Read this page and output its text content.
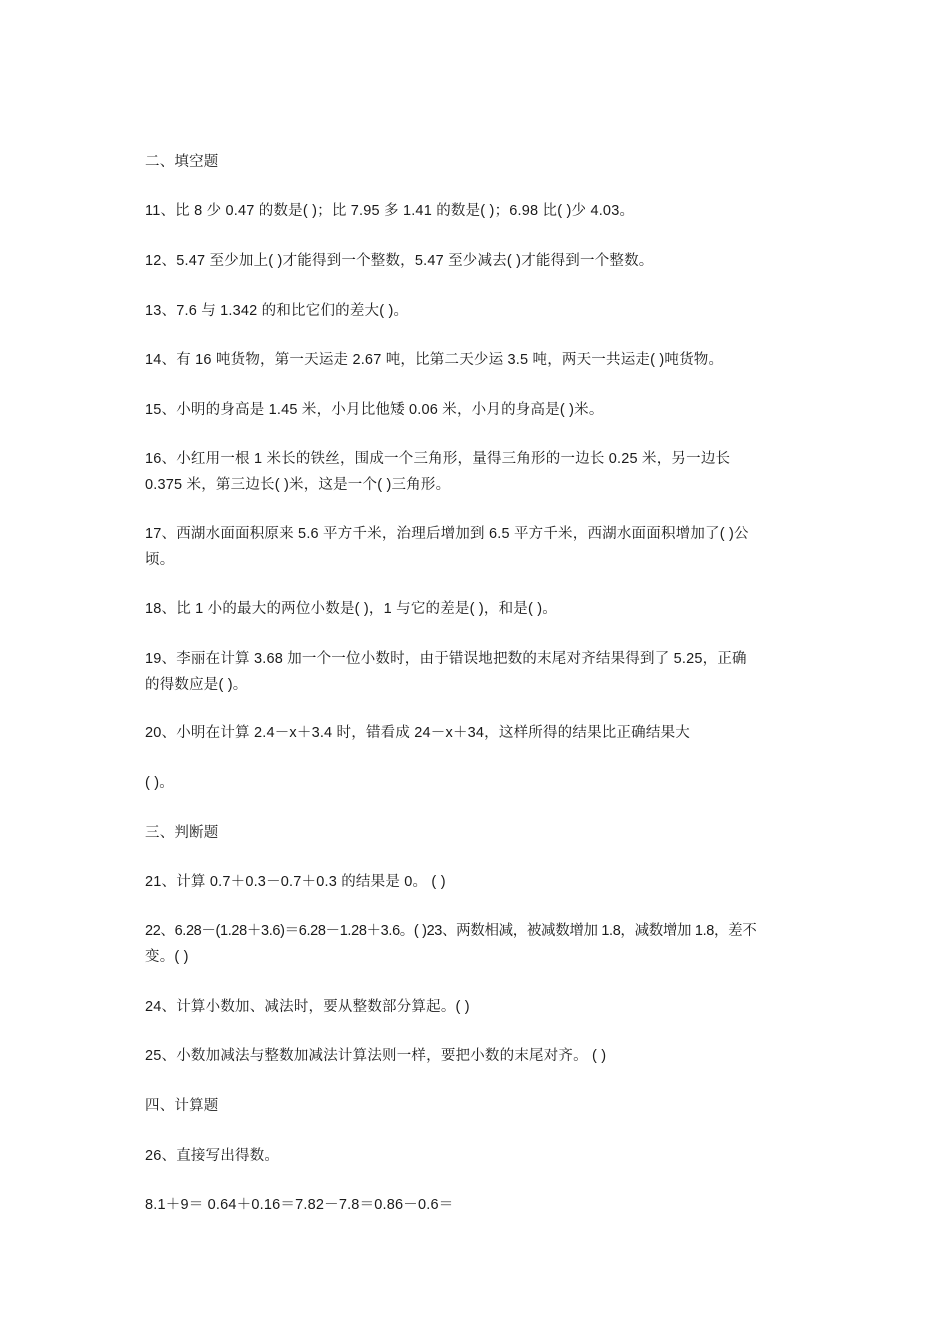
二、填空题
11、比 8 少 0.47 的数是( )；比 7.95 多 1.41 的数是( )；6.98 比( )少 4.03。
12、5.47 至少加上( )才能得到一个整数，5.47 至少减去( )才能得到一个整数。
13、7.6 与 1.342 的和比它们的差大( )。
14、有 16 吨货物，第一天运走 2.67 吨，比第二天少运 3.5 吨，两天一共运走( )吨货物。
15、小明的身高是 1.45 米，小月比他矮 0.06 米，小月的身高是( )米。
16、小红用一根 1 米长的铁丝，围成一个三角形，量得三角形的一边长 0.25 米，另一边长
0.375 米，第三边长( )米，这是一个( )三角形。
17、西湖水面面积原来 5.6 平方千米，治理后增加到 6.5 平方千米，西湖水面面积增加了( )公
顷。
18、比 1 小的最大的两位小数是( )，1 与它的差是( )，和是( )。
19、李丽在计算 3.68 加一个一位小数时，由于错误地把数的末尾对齐结果得到了 5.25，正确
的得数应是( )。
20、小明在计算 2.4－x＋3.4 时，错看成 24－x＋34，这样所得的结果比正确结果大
( )。
三、判断题
21、计算 0.7＋0.3－0.7＋0.3 的结果是 0。 ( )
22、6.28－(1.28＋3.6)＝6.28－1.28＋3.6。( )23、两数相减，被减数增加 1.8，减数增加 1.8，差不
变。( )
24、计算小数加、减法时，要从整数部分算起。( )
25、小数加减法与整数加减法计算法则一样，要把小数的末尾对齐。 ( )
四、计算题
26、直接写出得数。
8.1＋9＝ 0.64＋0.16＝7.82－7.8＝0.86－0.6＝
